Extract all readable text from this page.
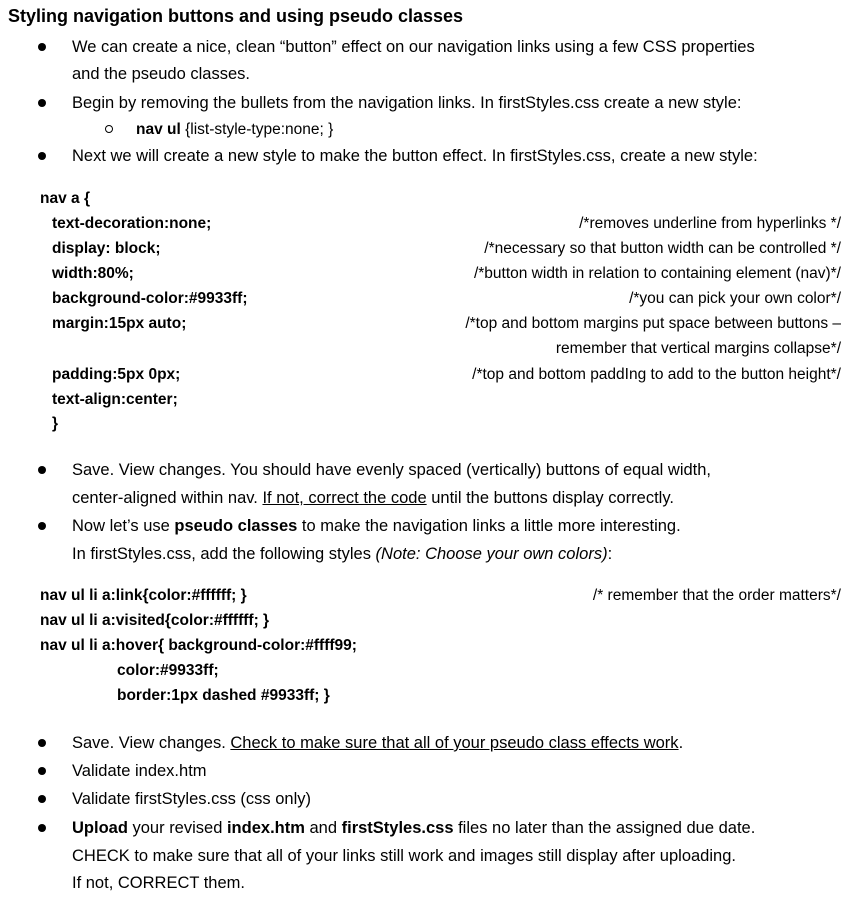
Styling navigation buttons and using pseudo classes
We can create a nice, clean “button” effect on our navigation links using a few CSS properties
and the pseudo classes.
Begin by removing the bullets from the navigation links. In firstStyles.css create a new style:
nav ul {list-style-type:none; }
Next we will create a new style to make the button effect. In firstStyles.css, create a new style:
nav a {
text-decoration:none;
display: block;
width:80%;
background-color:#9933ff;
margin:15px auto;
padding:5px 0px;
text-align:center;
}
/*removes underline from hyperlinks */
/*necessary so that button width can be controlled */
/*button width in relation to containing element (nav)*/
/*you can pick your own color*/
/*top and bottom margins put space between buttons –
remember that vertical margins collapse*/
/*top and bottom paddIng to add to the button height*/
Save. View changes. You should have evenly spaced (vertically) buttons of equal width,
center-aligned within nav. If not, correct the code until the buttons display correctly.
Now let’s use pseudo classes to make the navigation links a little more interesting.
In firstStyles.css, add the following styles (Note: Choose your own colors):
nav ul li a:link{color:#ffffff; }
nav ul li a:visited{color:#ffffff; }
nav ul li a:hover{ background-color:#ffff99;
color:#9933ff;
border:1px dashed #9933ff; }
/* remember that the order matters*/
Save. View changes. Check to make sure that all of your pseudo class effects work.
Validate index.htm
Validate firstStyles.css (css only)
Upload your revised index.htm and firstStyles.css files no later than the assigned due date.
CHECK to make sure that all of your links still work and images still display after uploading.
If not, CORRECT them.
